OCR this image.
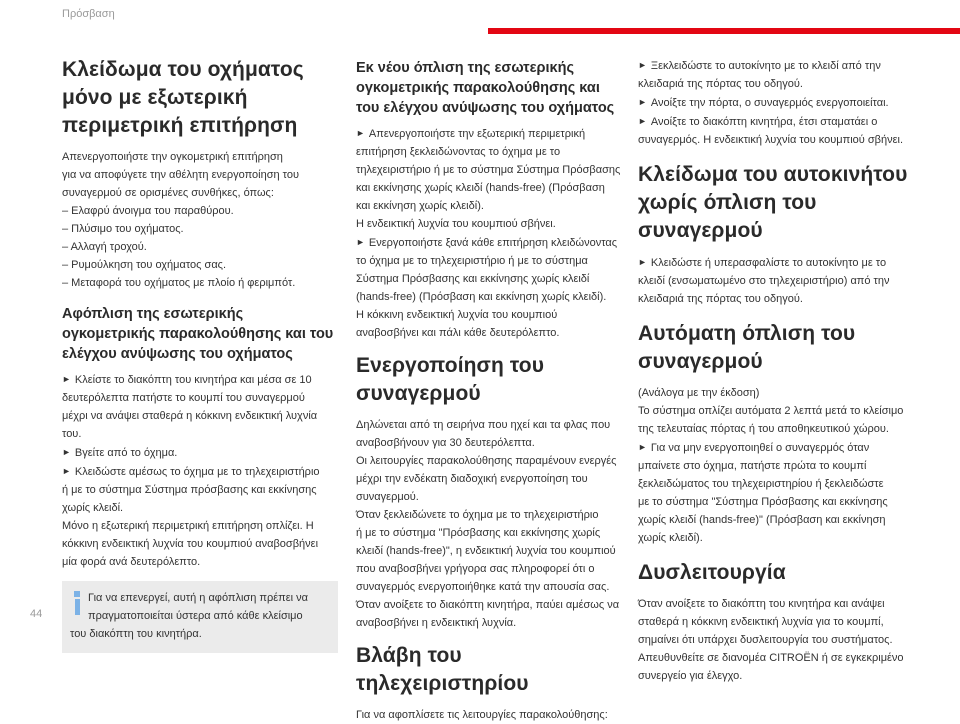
Πρόσβαση
Κλείδωμα του οχήματος μόνο με εξωτερική περιμετρική επιτήρηση

Απενεργοποιήστε την ογκομετρική επιτήρηση

για να αποφύγετε την αθέλητη ενεργοποίηση του

συναγερμού σε ορισμένες συνθήκες, όπως:

– Ελαφρύ άνοιγμα του παραθύρου.

– Πλύσιμο του οχήματος.

– Αλλαγή τροχού.

– Ρυμούλκηση του οχήματος σας.

– Μεταφορά του οχήματος με πλοίο ή φεριμπότ.

Αφόπλιση της εσωτερικής ογκομετρικής παρακολούθησης και του ελέγχου ανύψωσης του οχήματος

► Κλείστε το διακόπτη του κινητήρα και μέσα σε 10

δευτερόλεπτα πατήστε το κουμπί του συναγερμού

μέχρι να ανάψει σταθερά η κόκκινη ενδεικτική λυχνία

του.

► Βγείτε από το όχημα.

► Κλειδώστε αμέσως το όχημα με το τηλεχειριστήριο

ή με το σύστημα Σύστημα πρόσβασης και εκκίνησης

χωρίς κλειδί.

Μόνο η εξωτερική περιμετρική επιτήρηση οπλίζει. Η

κόκκινη ενδεικτική λυχνία του κουμπιού αναβοσβήνει

μία φορά ανά δευτερόλεπτο.

Για να επενεργεί, αυτή η αφόπλιση πρέπει να

πραγματοποιείται ύστερα από κάθε κλείσιμο

του διακόπτη του κινητήρα.

Εκ νέου όπλιση της εσωτερικής ογκομετρικής παρακολούθησης και του ελέγχου ανύψωσης του οχήματος

► Απενεργοποιήστε την εξωτερική περιμετρική

επιτήρηση ξεκλειδώνοντας το όχημα με το

τηλεχειριστήριο ή με το σύστημα Σύστημα Πρόσβασης

και εκκίνησης χωρίς κλειδί (hands-free) (Πρόσβαση

και εκκίνηση χωρίς κλειδί).

Η ενδεικτική λυχνία του κουμπιού σβήνει.

► Ενεργοποιήστε ξανά κάθε επιτήρηση κλειδώνοντας

το όχημα με το τηλεχειριστήριο ή με το σύστημα

Σύστημα Πρόσβασης και εκκίνησης χωρίς κλειδί

(hands-free) (Πρόσβαση και εκκίνηση χωρίς κλειδί).

Η κόκκινη ενδεικτική λυχνία του κουμπιού

αναβοσβήνει και πάλι κάθε δευτερόλεπτο.

Ενεργοποίηση του συναγερμού

Δηλώνεται από τη σειρήνα που ηχεί και τα φλας που

αναβοσβήνουν για 30 δευτερόλεπτα.

Οι λειτουργίες παρακολούθησης παραμένουν ενεργές

μέχρι την ενδέκατη διαδοχική ενεργοποίηση του

συναγερμού.

Όταν ξεκλειδώνετε το όχημα με το τηλεχειριστήριο

ή με το σύστημα "Πρόσβασης και εκκίνησης χωρίς

κλειδί (hands-free)", η ενδεικτική λυχνία του κουμπιού

που αναβοσβήνει γρήγορα σας πληροφορεί ότι ο

συναγερμός ενεργοποιήθηκε κατά την απουσία σας.

Όταν ανοίξετε το διακόπτη κινητήρα, παύει αμέσως να

αναβοσβήνει η ενδεικτική λυχνία.

Βλάβη του τηλεχειριστηρίου

Για να αφοπλίσετε τις λειτουργίες παρακολούθησης:

► Ξεκλειδώστε το αυτοκίνητο με το κλειδί από την

κλειδαριά της πόρτας του οδηγού.

► Ανοίξτε την πόρτα, ο συναγερμός ενεργοποιείται.

► Ανοίξτε το διακόπτη κινητήρα, έτσι σταματάει ο

συναγερμός. Η ενδεικτική λυχνία του κουμπιού σβήνει.

Κλείδωμα του αυτοκινήτου χωρίς όπλιση του συναγερμού

► Κλειδώστε ή υπερασφαλίστε το αυτοκίνητο με το

κλειδί (ενσωματωμένο στο τηλεχειριστήριο) από την

κλειδαριά της πόρτας του οδηγού.

Αυτόματη όπλιση του συναγερμού

(Ανάλογα με την έκδοση)

Το σύστημα οπλίζει αυτόματα 2 λεπτά μετά το κλείσιμο

της τελευταίας πόρτας ή του αποθηκευτικού χώρου.

► Για να μην ενεργοποιηθεί ο συναγερμός όταν

μπαίνετε στο όχημα, πατήστε πρώτα το κουμπί

ξεκλειδώματος του τηλεχειριστηρίου ή ξεκλειδώστε

με το σύστημα "Σύστημα Πρόσβασης και εκκίνησης

χωρίς κλειδί (hands-free)" (Πρόσβαση και εκκίνηση

χωρίς κλειδί).

Δυσλειτουργία

Όταν ανοίξετε το διακόπτη του κινητήρα και ανάψει

σταθερά η κόκκινη ενδεικτική λυχνία για το κουμπί,

σημαίνει ότι υπάρχει δυσλειτουργία του συστήματος.

Απευθυνθείτε σε διανομέα CITROËN ή σε εγκεκριμένο

συνεργείο για έλεγχο.

44
